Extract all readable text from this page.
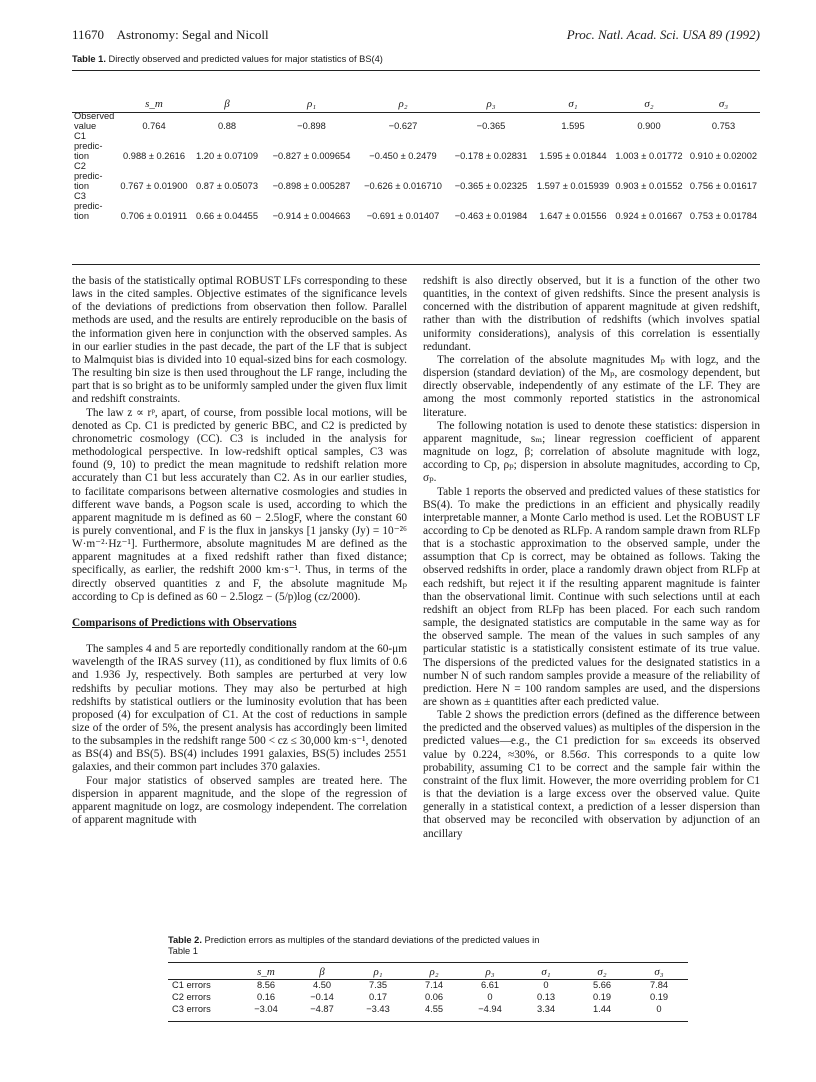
11670 Astronomy: Segal and Nicoll	Proc. Natl. Acad. Sci. USA 89 (1992)
Table 1. Directly observed and predicted values for major statistics of BS(4)
	s_m	β	ρ₁	ρ₂	ρ₃	σ₁	σ₂	σ₃
Observed
value	0.764	0.88	−0.898	−0.627	−0.365	1.595	0.900	0.753
C1
predic-
tion	0.988 ± 0.2616	1.20 ± 0.07109	−0.827 ± 0.009654	−0.450 ± 0.2479	−0.178 ± 0.02831	1.595 ± 0.01844	1.003 ± 0.01772	0.910 ± 0.02002
C2
predic-
tion	0.767 ± 0.01900	0.87 ± 0.05073	−0.898 ± 0.005287	−0.626 ± 0.016710	−0.365 ± 0.02325	1.597 ± 0.015939	0.903 ± 0.01552	0.756 ± 0.01617
C3
predic-
tion	0.706 ± 0.01911	0.66 ± 0.04455	−0.914 ± 0.004663	−0.691 ± 0.01407	−0.463 ± 0.01984	1.647 ± 0.01556	0.924 ± 0.01667	0.753 ± 0.01784

the basis of the statistically optimal ROBUST LFs corresponding to these laws in the cited samples. Objective estimates of the significance levels of the deviations of predictions from observation then follow. Parallel methods are used, and the results are entirely reproducible on the basis of the information given here in conjunction with the observed samples. As in our earlier studies in the past decade, the part of the LF that is subject to Malmquist bias is divided into 10 equal-sized bins for each cosmology. The resulting bin size is then used throughout the LF range, including the part that is so bright as to be uniformly sampled under the given flux limit and redshift constraints.

The law z ∝ rᵖ, apart, of course, from possible local motions, will be denoted as Cp. C1 is predicted by generic BBC, and C2 is predicted by chronometric cosmology (CC). C3 is included in the analysis for methodological perspective. In low-redshift optical samples, C3 was found (9, 10) to predict the mean magnitude to redshift relation more accurately than C1 but less accurately than C2. As in our earlier studies, to facilitate comparisons between alternative cosmologies and studies in different wave bands, a Pogson scale is used, according to which the apparent magnitude m is defined as 60 − 2.5logF, where the constant 60 is purely conventional, and F is the flux in janskys [1 jansky (Jy) = 10⁻²⁶ W·m⁻²·Hz⁻¹]. Furthermore, absolute magnitudes M are defined as the apparent magnitudes at a fixed redshift rather than fixed distance; specifically, as earlier, the redshift 2000 km·s⁻¹. Thus, in terms of the directly observed quantities z and F, the absolute magnitude Mₚ according to Cp is defined as 60 − 2.5logz − (5/p)log (cz/2000).

Comparisons of Predictions with Observations

The samples 4 and 5 are reportedly conditionally random at the 60-μm wavelength of the IRAS survey (11), as conditioned by flux limits of 0.6 and 1.936 Jy, respectively. Both samples are perturbed at very low redshifts by peculiar motions. They may also be perturbed at high redshifts by statistical outliers or the luminosity evolution that has been proposed (4) for exculpation of C1. At the cost of reductions in sample size of the order of 5%, the present analysis has accordingly been limited to the subsamples in the redshift range 500 < cz ≤ 30,000 km·s⁻¹, denoted as BS(4) and BS(5). BS(4) includes 1991 galaxies, BS(5) includes 2551 galaxies, and their common part includes 370 galaxies.

Four major statistics of observed samples are treated here. The dispersion in apparent magnitude, and the slope of the regression of apparent magnitude on logz, are cosmology independent. The correlation of apparent magnitude with

redshift is also directly observed, but it is a function of the other two quantities, in the context of given redshifts. Since the present analysis is concerned with the distribution of apparent magnitude at given redshift, rather than with the distribution of redshifts (which involves spatial uniformity considerations), analysis of this correlation is essentially redundant.

The correlation of the absolute magnitudes Mₚ with logz, and the dispersion (standard deviation) of the Mₚ, are cosmology dependent, but directly observable, independently of any estimate of the LF. They are among the most commonly reported statistics in the astronomical literature.

The following notation is used to denote these statistics: dispersion in apparent magnitude, sₘ; linear regression coefficient of apparent magnitude on logz, β; correlation of absolute magnitude with logz, according to Cp, ρₚ; dispersion in absolute magnitudes, according to Cp, σₚ.

Table 1 reports the observed and predicted values of these statistics for BS(4). To make the predictions in an efficient and physically readily interpretable manner, a Monte Carlo method is used. Let the ROBUST LF according to Cp be denoted as RLFp. A random sample drawn from RLFp that is a stochastic approximation to the observed sample, under the assumption that Cp is correct, may be obtained as follows. Taking the observed redshifts in order, place a randomly drawn object from RLFp at each redshift, but reject it if the resulting apparent magnitude is fainter than the observational limit. Continue with such selections until at each redshift an object from RLFp has been placed. For each such random sample, the designated statistics are computable in the same way as for the observed sample. The mean of the values in such samples of any particular statistic is a statistically consistent estimate of its true value. The dispersions of the predicted values for the designated statistics in a number N of such random samples provide a measure of the reliability of prediction. Here N = 100 random samples are used, and the dispersions are shown as ± quantities after each predicted value.

Table 2 shows the prediction errors (defined as the difference between the predicted and the observed values) as multiples of the dispersion in the predicted values—e.g., the C1 prediction for sₘ exceeds its observed value by 0.224, ≈30%, or 8.56σ. This corresponds to a quite low probability, assuming C1 to be correct and the sample fair within the constraint of the flux limit. However, the more overriding problem for C1 is that the deviation is a large excess over the observed value. Quite generally in a statistical context, a prediction of a lesser dispersion than that observed may be reconciled with observation by adjunction of an ancillary

Table 2. Prediction errors as multiples of the standard deviations of the predicted values in
Table 1
	s_m	β	ρ₁	ρ₂	ρ₃	σ₁	σ₂	σ₃
C1 errors	8.56	4.50	7.35	7.14	6.61	0	5.66	7.84
C2 errors	0.16	−0.14	0.17	0.06	0	0.13	0.19	0.19
C3 errors	−3.04	−4.87	−3.43	4.55	−4.94	3.34	1.44	0
